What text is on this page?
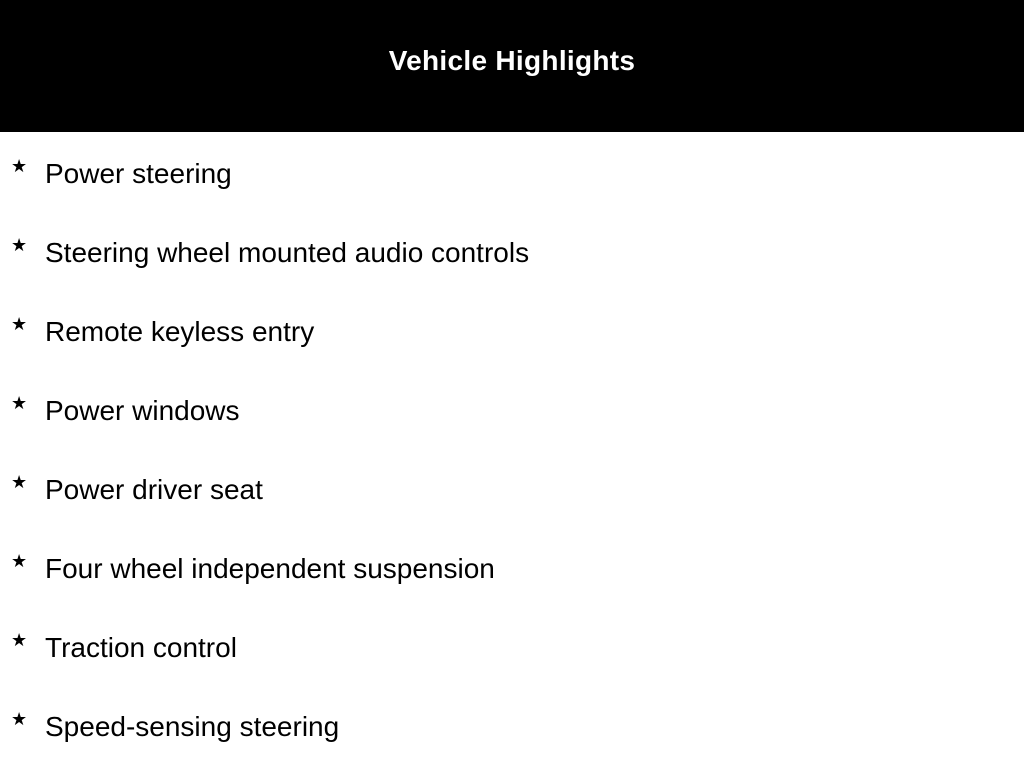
Vehicle Highlights
★ Power steering
★ Steering wheel mounted audio controls
★ Remote keyless entry
★ Power windows
★ Power driver seat
★ Four wheel independent suspension
★ Traction control
★ Speed-sensing steering
